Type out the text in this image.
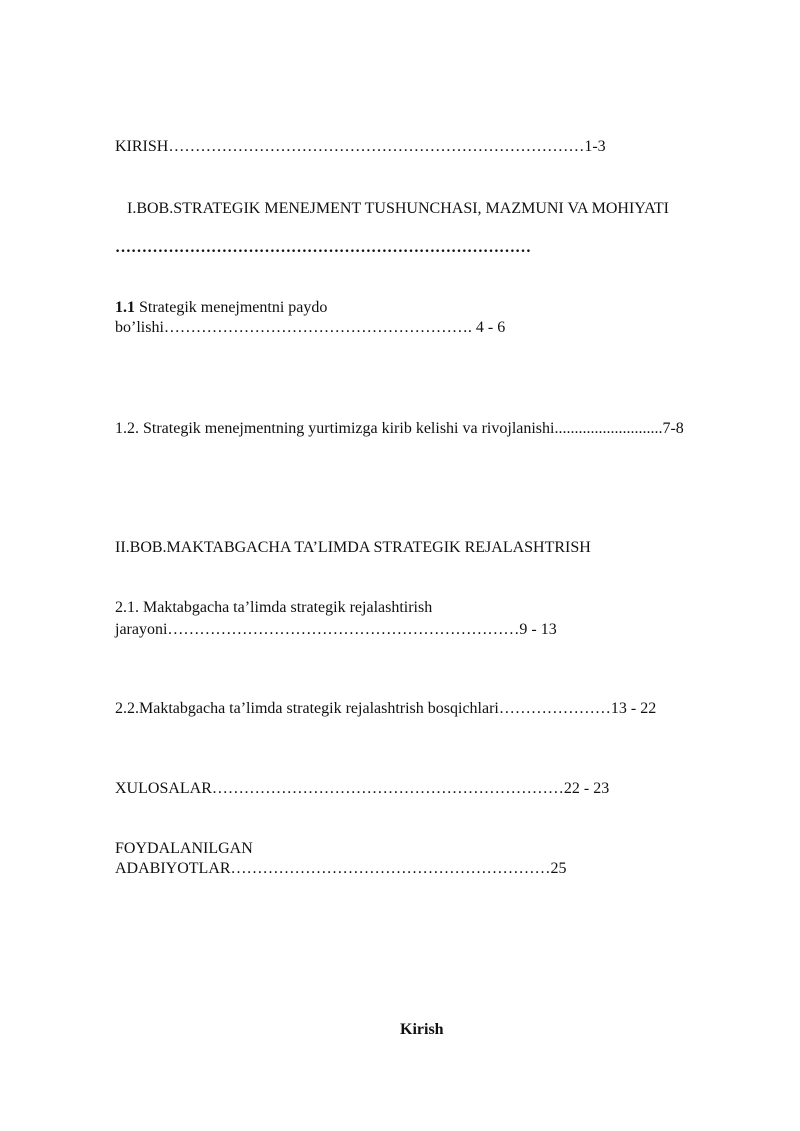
KIRISH……………………………………………………………………1-3
I.BOB.STRATEGIK MENEJMENT TUSHUNCHASI, MAZMUNI VA MOHIYATI
……………………………………………………………………
1.1 Strategik menejmentni paydo
bo’lishi…………………………………………………. 4 - 6
1.2. Strategik menejmentning yurtimizga kirib kelishi va rivojlanishi...........................7-8
II.BOB.MAKTABGACHA TA’LIMDA STRATEGIK REJALASHTRISH
2.1. Maktabgacha ta’limda strategik rejalashtirish
jarayoni…………………………………………………………9 - 13
2.2.Maktabgacha ta’limda strategik rejalashtrish bosqichlari…………………13 - 22
XULOSALAR…………………………………………………………22 - 23
FOYDALANILGAN
ADABIYOTLAR……………………………………………………25
Kirish
